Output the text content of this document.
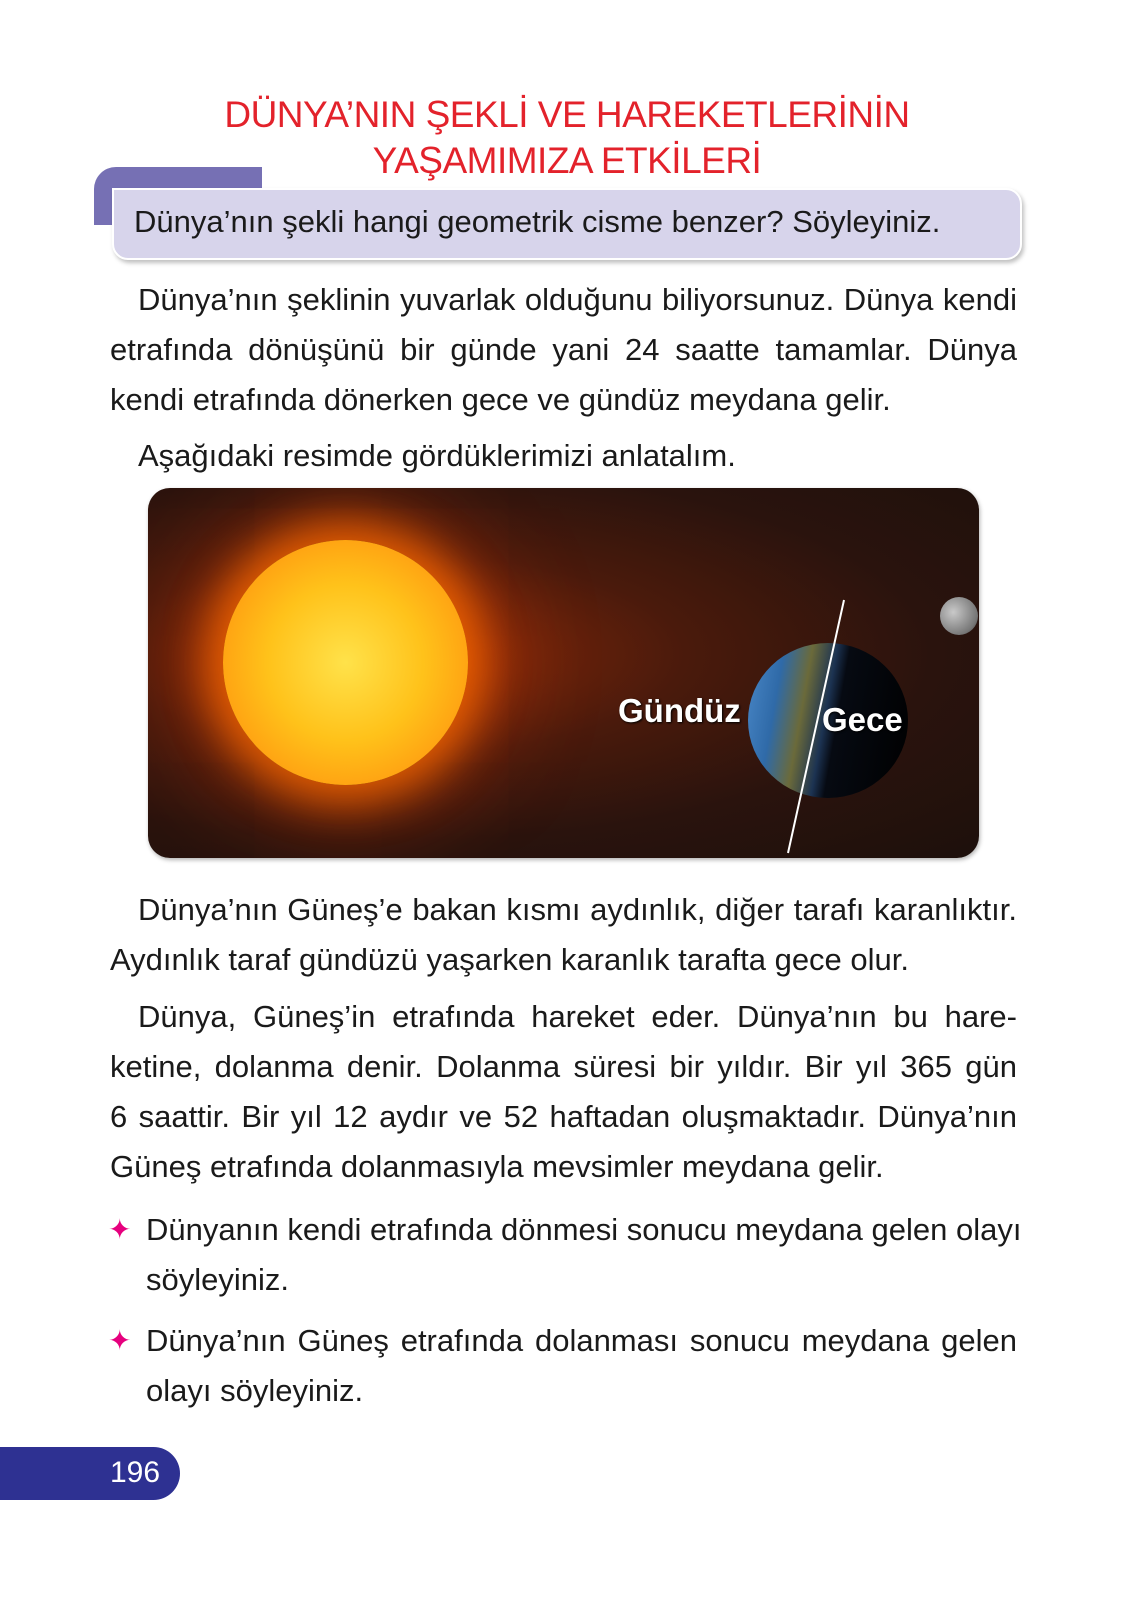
DÜNYA’NIN ŞEKLİ VE HAREKETLERİNİN
YAŞAMIMIZA ETKİLERİ
Dünya’nın şekli hangi geometrik cisme benzer? Söyleyiniz.
Dünya’nın şeklinin yuvarlak olduğunu biliyorsunuz. Dünya kendi
etrafında dönüşünü bir günde yani 24 saatte tamamlar. Dünya
kendi etrafında dönerken gece ve gündüz meydana gelir.
Aşağıdaki resimde gördüklerimizi anlatalım.
Gündüz Gece
Dünya’nın Güneş’e bakan kısmı aydınlık, diğer tarafı karanlıktır.
Aydınlık taraf gündüzü yaşarken karanlık tarafta gece olur.
Dünya, Güneş’in etrafında hareket eder. Dünya’nın bu hare-
ketine, dolanma denir. Dolanma süresi bir yıldır. Bir yıl 365 gün
6 saattir. Bir yıl 12 aydır ve 52 haftadan oluşmaktadır. Dünya’nın
Güneş etrafında dolanmasıyla mevsimler meydana gelir.
✦ Dünyanın kendi etrafında dönmesi sonucu meydana gelen olayı
söyleyiniz.
✦ Dünya’nın Güneş etrafında dolanması sonucu meydana gelen
olayı söyleyiniz.
196
